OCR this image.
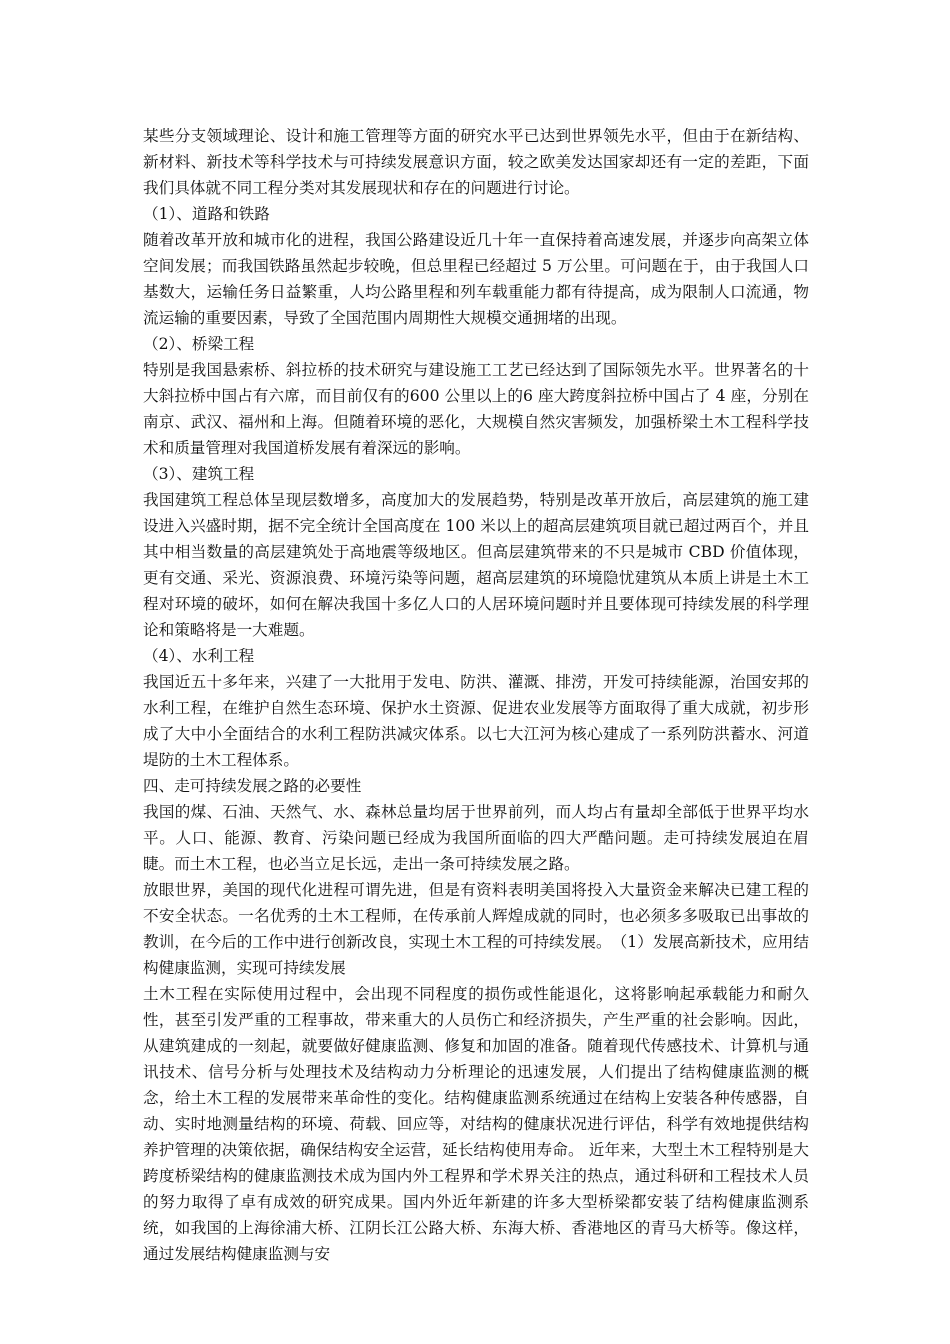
某些分支领域理论、设计和施工管理等方面的研究水平已达到世界领先水平，但由于在新结构、新材料、新技术等科学技术与可持续发展意识方面，较之欧美发达国家却还有一定的差距，下面我们具体就不同工程分类对其发展现状和存在的问题进行讨论。

（1）、道路和铁路

随着改革开放和城市化的进程，我国公路建设近几十年一直保持着高速发展，并逐步向高架立体空间发展；而我国铁路虽然起步较晚，但总里程已经超过 5 万公里。可问题在于，由于我国人口基数大，运输任务日益繁重，人均公路里程和列车载重能力都有待提高，成为限制人口流通，物流运输的重要因素，导致了全国范围内周期性大规模交通拥堵的出现。

（2）、桥梁工程

特别是我国悬索桥、斜拉桥的技术研究与建设施工工艺已经达到了国际领先水平。世界著名的十大斜拉桥中国占有六席，而目前仅有的600 公里以上的6 座大跨度斜拉桥中国占了 4 座，分别在南京、武汉、福州和上海。但随着环境的恶化，大规模自然灾害频发，加强桥梁土木工程科学技术和质量管理对我国道桥发展有着深远的影响。

（3）、建筑工程

我国建筑工程总体呈现层数增多，高度加大的发展趋势，特别是改革开放后，高层建筑的施工建设进入兴盛时期，据不完全统计全国高度在 100 米以上的超高层建筑项目就已超过两百个，并且其中相当数量的高层建筑处于高地震等级地区。但高层建筑带来的不只是城市 CBD 价值体现，更有交通、采光、资源浪费、环境污染等问题，超高层建筑的环境隐忧建筑从本质上讲是土木工程对环境的破坏，如何在解决我国十多亿人口的人居环境问题时并且要体现可持续发展的科学理论和策略将是一大难题。

（4）、水利工程

我国近五十多年来，兴建了一大批用于发电、防洪、灌溉、排涝，开发可持续能源，治国安邦的水利工程，在维护自然生态环境、保护水土资源、促进农业发展等方面取得了重大成就，初步形成了大中小全面结合的水利工程防洪减灾体系。以七大江河为核心建成了一系列防洪蓄水、河道堤防的土木工程体系。

四、走可持续发展之路的必要性

我国的煤、石油、天然气、水、森林总量均居于世界前列，而人均占有量却全部低于世界平均水平。人口、能源、教育、污染问题已经成为我国所面临的四大严酷问题。走可持续发展迫在眉睫。而土木工程，也必当立足长远，走出一条可持续发展之路。

放眼世界，美国的现代化进程可谓先进，但是有资料表明美国将投入大量资金来解决已建工程的不安全状态。一名优秀的土木工程师，在传承前人辉煌成就的同时，也必须多多吸取已出事故的教训，在今后的工作中进行创新改良，实现土木工程的可持续发展。　（1）发展高新技术，应用结构健康监测，实现可持续发展

土木工程在实际使用过程中，会出现不同程度的损伤或性能退化，这将影响起承载能力和耐久性，甚至引发严重的工程事故，带来重大的人员伤亡和经济损失，产生严重的社会影响。因此，从建筑建成的一刻起，就要做好健康监测、修复和加固的准备。随着现代传感技术、计算机与通讯技术、信号分析与处理技术及结构动力分析理论的迅速发展，人们提出了结构健康监测的概念，给土木工程的发展带来革命性的变化。结构健康监测系统通过在结构上安装各种传感器，自动、实时地测量结构的环境、荷载、回应等，对结构的健康状况进行评估，科学有效地提供结构养护管理的决策依据，确保结构安全运营，延长结构使用寿命。 近年来，大型土木工程特别是大跨度桥梁结构的健康监测技术成为国内外工程界和学术界关注的热点，通过科研和工程技术人员的努力取得了卓有成效的研究成果。国内外近年新建的许多大型桥梁都安装了结构健康监测系统，如我国的上海徐浦大桥、江阴长江公路大桥、东海大桥、香港地区的青马大桥等。像这样，通过发展结构健康监测与安
